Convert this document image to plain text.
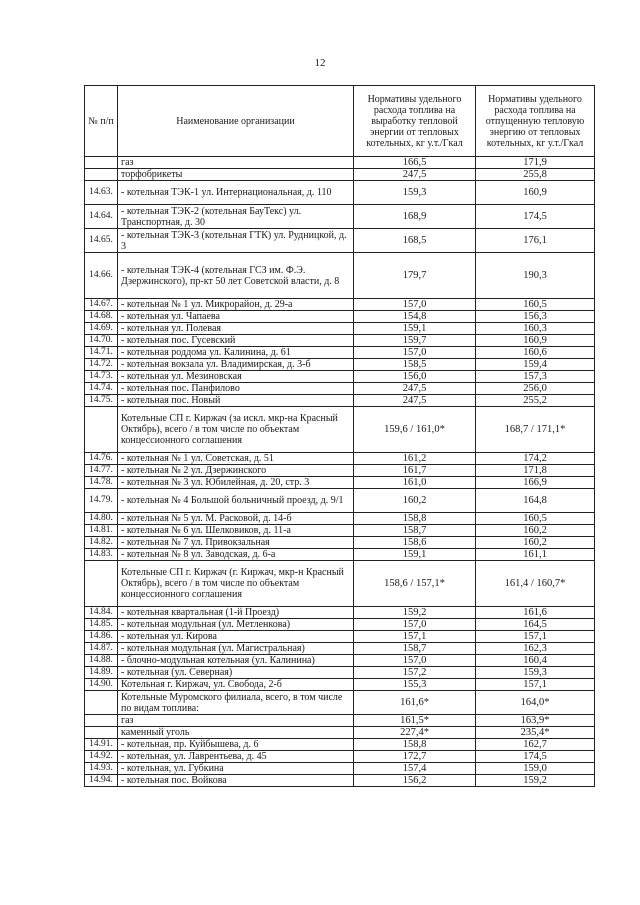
12
№ п/п	Наименование организации	Нормативы удельного расхода топлива на выработку тепловой энергии от тепловых котельных, кг у.т./Гкал	Нормативы удельного расхода топлива на отпущенную тепловую энергию от тепловых котельных, кг у.т./Гкал
	газ	166,5	171,9
	торфобрикеты	247,5	255,8
14.63.	- котельная ТЭК-1 ул. Интернациональная, д. 110	159,3	160,9
14.64.	- котельная ТЭК-2 (котельная БауТекс) ул. Транспортная, д. 30	168,9	174,5
14.65.	- котельная ТЭК-3 (котельная ГТК) ул. Рудницкой, д. 3	168,5	176,1
14.66.	- котельная ТЭК-4 (котельная ГСЗ им. Ф.Э. Дзержинского), пр-кт 50 лет Советской власти, д. 8	179,7	190,3
14.67.	- котельная № 1 ул. Микрорайон, д. 29-а	157,0	160,5
14.68.	- котельная ул. Чапаева	154,8	156,3
14.69.	- котельная ул. Полевая	159,1	160,3
14.70.	- котельная пос. Гусевский	159,7	160,9
14.71.	- котельная роддома ул. Калинина, д. 61	157,0	160,6
14.72.	- котельная вокзала ул. Владимирская, д. 3-б	158,5	159,4
14.73.	- котельная ул. Мезиновская	156,0	157,3
14.74.	- котельная пос. Панфилово	247,5	256,0
14.75.	- котельная пос. Новый	247,5	255,2
	Котельные СП г. Киржач (за искл. мкр-на Красный Октябрь), всего / в том числе по объектам концессионного соглашения	159,6 / 161,0*	168,7 / 171,1*
14.76.	- котельная № 1 ул. Советская, д. 51	161,2	174,2
14.77.	- котельная № 2 ул. Дзержинского	161,7	171,8
14.78.	- котельная № 3 ул. Юбилейная, д. 20, стр. 3	161,0	166,9
14.79.	- котельная № 4 Большой больничный проезд, д. 9/1	160,2	164,8
14.80.	- котельная № 5 ул. М. Расковой, д. 14-б	158,8	160,5
14.81.	- котельная № 6 ул. Шелковиков, д. 11-а	158,7	160,2
14.82.	- котельная № 7 ул. Привокзальная	158,6	160,2
14.83.	- котельная № 8 ул. Заводская, д. 6-а	159,1	161,1
	Котельные СП г. Киржач (г. Киржач, мкр-н Красный Октябрь), всего / в том числе по объектам концессионного соглашения	158,6 / 157,1*	161,4 / 160,7*
14.84.	- котельная квартальная (1-й Проезд)	159,2	161,6
14.85.	- котельная модульная (ул. Метленкова)	157,0	164,5
14.86.	- котельная ул. Кирова	157,1	157,1
14.87.	- котельная модульная (ул. Магистральная)	158,7	162,3
14.88.	- блочно-модульная котельная (ул. Калинина)	157,0	160,4
14.89.	- котельная (ул. Северная)	157,2	159,3
14.90.	Котельная г. Киржач, ул. Свобода, 2-б	155,3	157,1
	Котельные Муромского филиала, всего, в том числе по видам топлива:	161,6*	164,0*
	газ	161,5*	163,9*
	каменный уголь	227,4*	235,4*
14.91.	- котельная, пр. Куйбышева, д. 6	158,8	162,7
14.92.	- котельная, ул. Лаврентьева, д. 45	172,7	174,5
14.93.	- котельная, ул. Губкина	157,4	159,0
14.94.	- котельная пос. Войкова	156,2	159,2
